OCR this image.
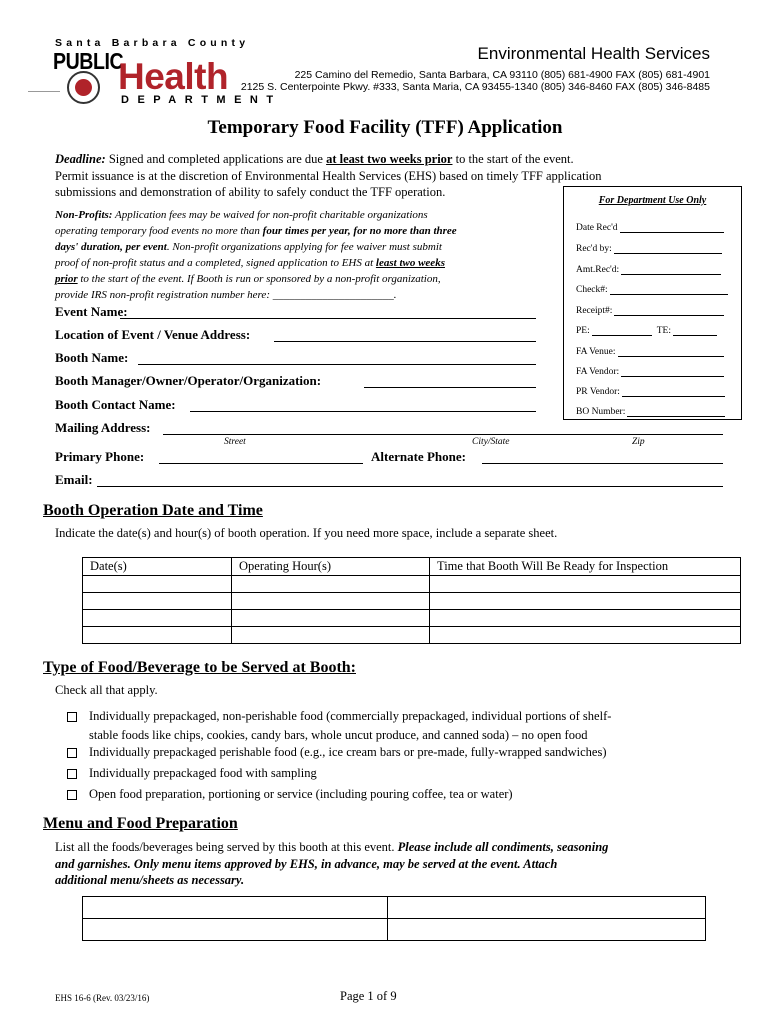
Santa Barbara County
PUBLIC
Health
DEPARTMENT
Environmental Health Services
225 Camino del Remedio, Santa Barbara, CA 93110 (805) 681-4900 FAX (805) 681-4901
2125 S. Centerpointe Pkwy. #333, Santa Maria, CA 93455-1340 (805) 346-8460 FAX (805) 346-8485
Temporary Food Facility (TFF) Application
Deadline: Signed and completed applications are due at least two weeks prior to the start of the event.
Permit issuance is at the discretion of Environmental Health Services (EHS) based on timely TFF application
submissions and demonstration of ability to safely conduct the TFF operation.
Non-Profits: Application fees may be waived for non-profit charitable organizations
operating temporary food events no more than four times per year, for no more than three
days' duration, per event. Non-profit organizations applying for fee waiver must submit
proof of non-profit status and a completed, signed application to EHS at least two weeks
prior to the start of the event. If Booth is run or sponsored by a non-profit organization,
provide IRS non-profit registration number here: ______________________.
For Department Use Only
Date Rec'd
Rec'd by:
Amt.Rec'd:
Check#:
Receipt#:
PE:	TE:
FA Venue:
FA Vendor:
PR Vendor:
BO Number:
Event Name:
Location of Event / Venue Address:
Booth Name:
Booth Manager/Owner/Operator/Organization:
Booth Contact Name:
Mailing Address:
Street	City/State	Zip
Primary Phone:	Alternate Phone:
Email:
Booth Operation Date and Time
Indicate the date(s) and hour(s) of booth operation. If you need more space, include a separate sheet.
Date(s)	Operating Hour(s)	Time that Booth Will Be Ready for Inspection

Type of Food/Beverage to be Served at Booth:
Check all that apply.
Individually prepackaged, non-perishable food (commercially prepackaged, individual portions of shelf-
stable foods like chips, cookies, candy bars, whole uncut produce, and canned soda) – no open food
Individually prepackaged perishable food (e.g., ice cream bars or pre-made, fully-wrapped sandwiches)
Individually prepackaged food with sampling
Open food preparation, portioning or service (including pouring coffee, tea or water)
Menu and Food Preparation
List all the foods/beverages being served by this booth at this event. Please include all condiments, seasoning
and garnishes. Only menu items approved by EHS, in advance, may be served at the event. Attach
additional menu/sheets as necessary.

EHS 16-6 (Rev. 03/23/16)	Page 1 of 9
